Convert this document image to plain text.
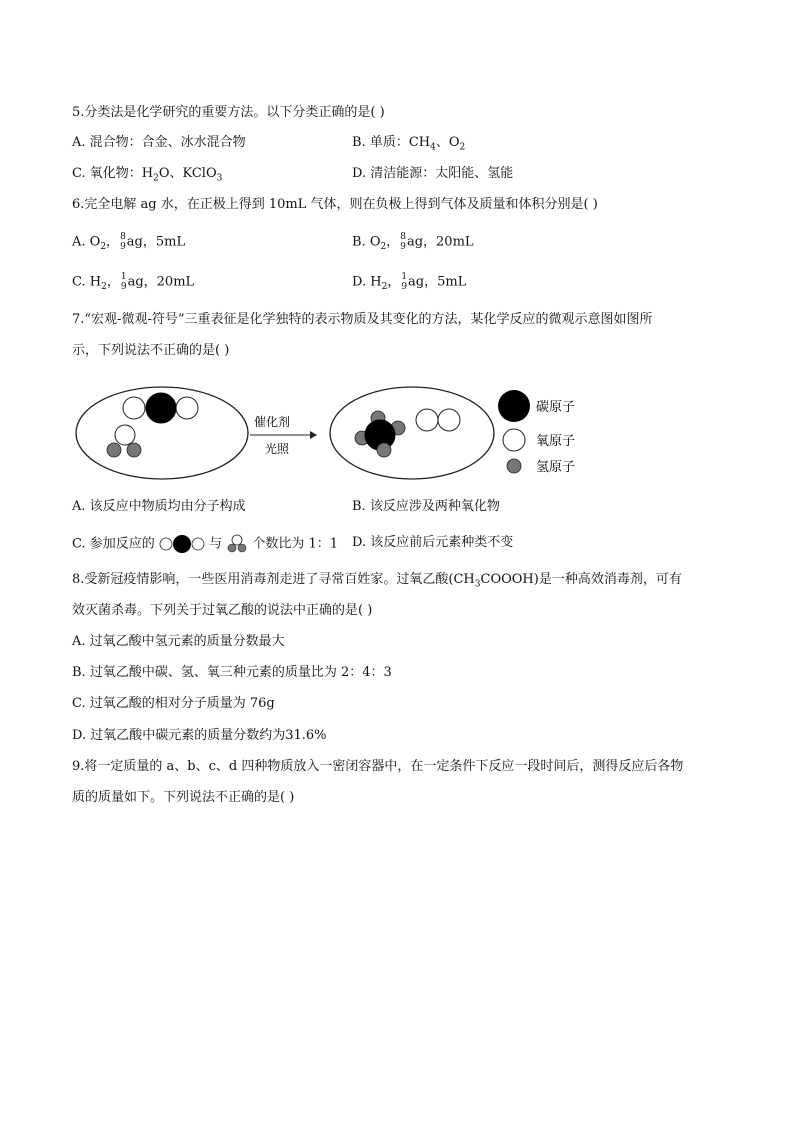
5.分类法是化学研究的重要方法。以下分类正确的是( )
A. 混合物：合金、冰水混合物	B. 单质：$CH_4$、$O_2$
C. 氧化物：$H_2O$、KClO$_3$	D. 清洁能源：太阳能、氢能
6.完全电解 ag 水，在正极上得到 10mL 气体，则在负极上得到气体及质量和体积分别是( )
A. $O_2$， 8
9 ag，5mL	B. $O_2$， 8
9 ag，20mL
C. $H_2$， 1
9 ag，20mL	D. $H_2$， 1
9 ag，5mL
7.“宏观-微观-符号”三重表征是化学独特的表示物质及其变化的方法，某化学反应的微观示意图如图所
示，下列说法不正确的是( )
催化剂
光照
碳原子
氧原子
氢原子
A. 该反应中物质均由分子构成	B. 该反应涉及两种氧化物
C. 参加反应的	与 个数比为 1：1 D. 该反应前后元素种类不变
8.受新冠疫情影响，一些医用消毒剂走进了寻常百姓家。过氧乙酸$(CH_3COOOH)$是一种高效消毒剂，可有
效灭菌杀毒。下列关于过氧乙酸的说法中正确的是( )
A. 过氧乙酸中氢元素的质量分数最大
B. 过氧乙酸中碳、氢、氧三种元素的质量比为 2：4：3
C. 过氧乙酸的相对分子质量为 76g
D. 过氧乙酸中碳元素的质量分数约为31.6%
9.将一定质量的 a、b、c、d 四种物质放入一密闭容器中，在一定条件下反应一段时间后，测得反应后各物
质的质量如下。下列说法不正确的是( )
